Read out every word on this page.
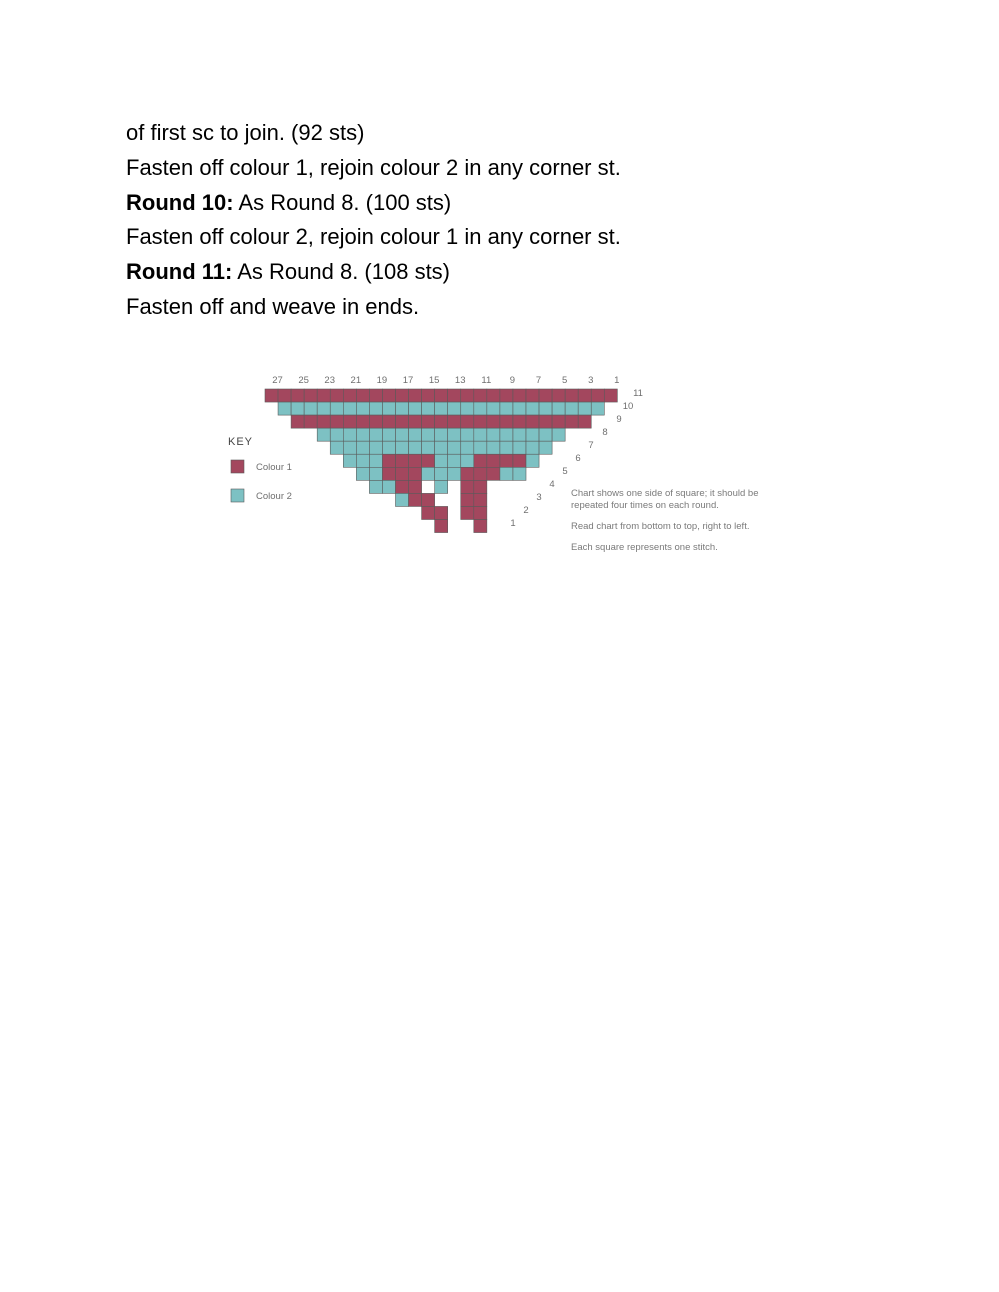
of first sc to join. (92 sts)
Fasten off colour 1, rejoin colour 2 in any corner st.
Round 10: As Round 8. (100 sts)
Fasten off colour 2, rejoin colour 1 in any corner st.
Round 11: As Round 8. (108 sts)
Fasten off and weave in ends.
27 25 23 21 19 17 15 13 11 9 7 5 3 1
1
2
3
4
5
6
7
8
9
10
11
KEY
Colour 1
Colour 2	Chart shows one side of square; it should be
repeated four times on each round.
Read chart from bottom to top, right to left.
Each square represents one stitch.
